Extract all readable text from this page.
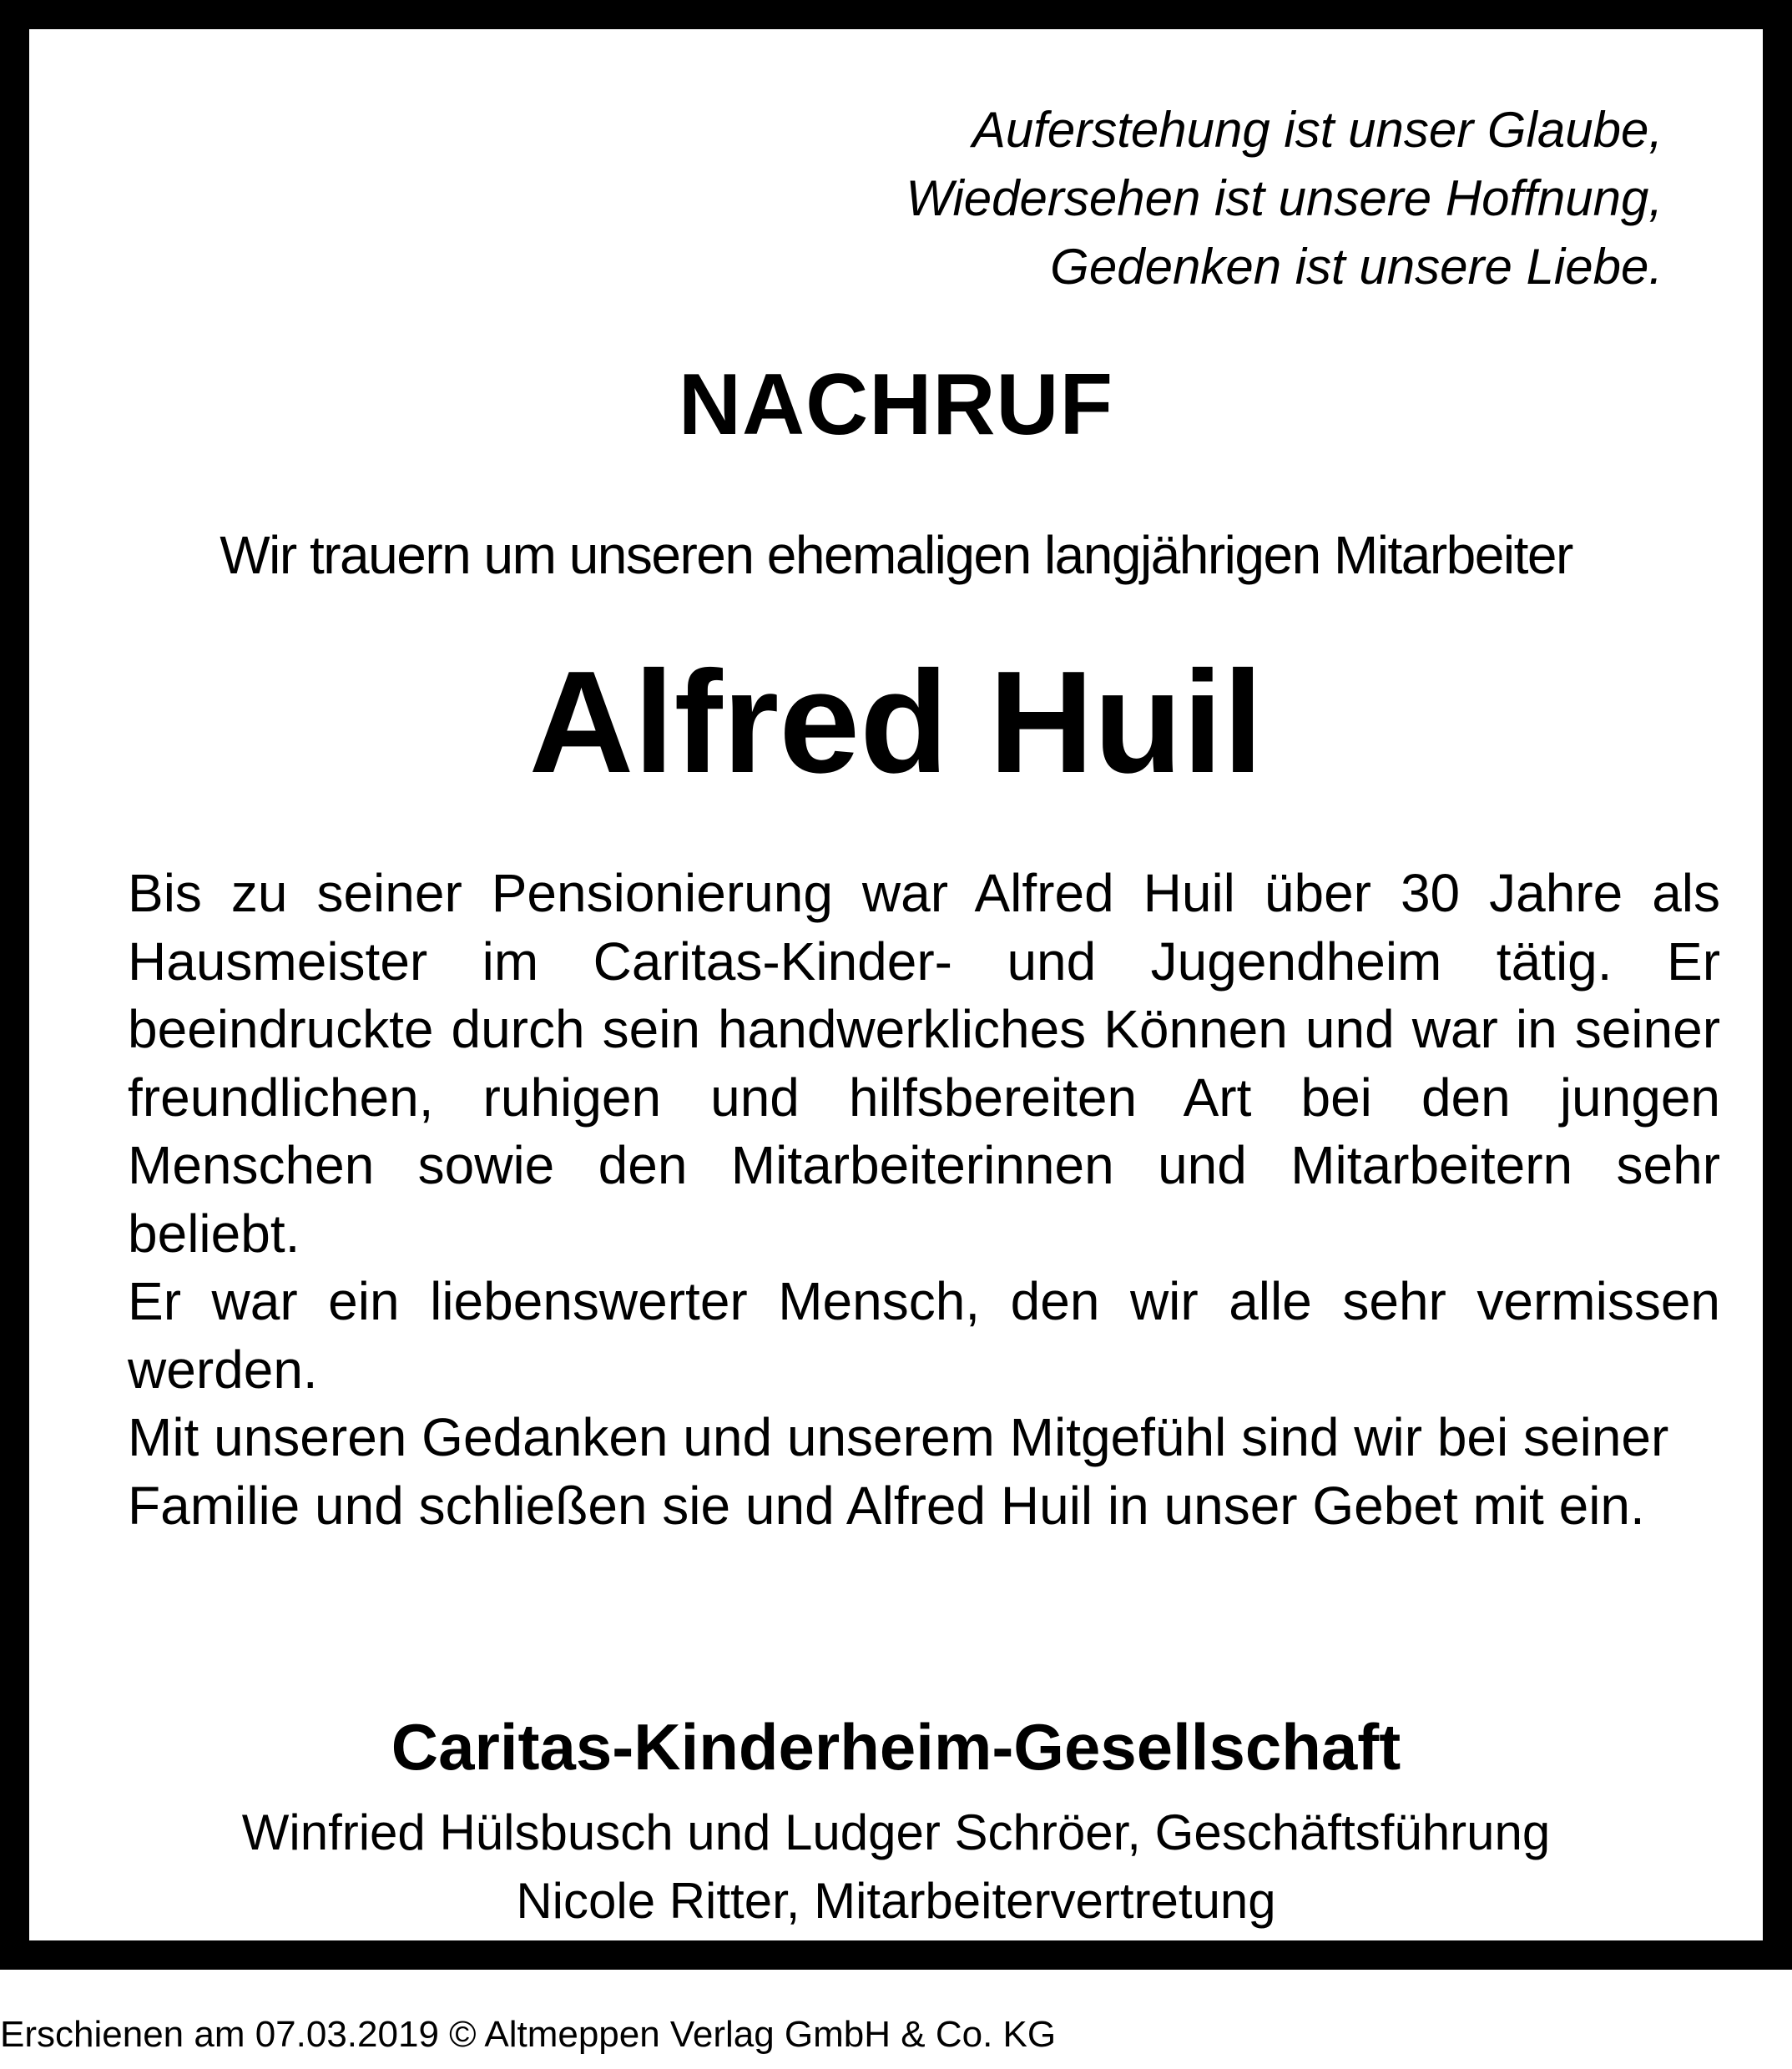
Auferstehung ist unser Glaube,
Wiedersehen ist unsere Hoffnung,
Gedenken ist unsere Liebe.
NACHRUF
Wir trauern um unseren ehemaligen langjährigen Mitarbeiter
Alfred Huil

Bis zu seiner Pensionierung war Alfred Huil über 30 Jahre als Hausmeister im Caritas-Kinder- und Jugendheim tätig. Er beeindruckte durch sein handwerkliches Können und war in seiner freundlichen, ruhigen und hilfsbereiten Art bei den jungen Menschen sowie den Mitarbeiterinnen und Mitarbeitern sehr beliebt.

Er war ein liebenswerter Mensch, den wir alle sehr vermissen werden.

Mit unseren Gedanken und unserem Mitgefühl sind wir bei seiner Familie und schließen sie und Alfred Huil in unser Gebet mit ein.

Caritas-Kinderheim-Gesellschaft
Winfried Hülsbusch und Ludger Schröer, Geschäftsführung
Nicole Ritter, Mitarbeitervertretung
Erschienen am 07.03.2019 © Altmeppen Verlag GmbH & Co. KG
